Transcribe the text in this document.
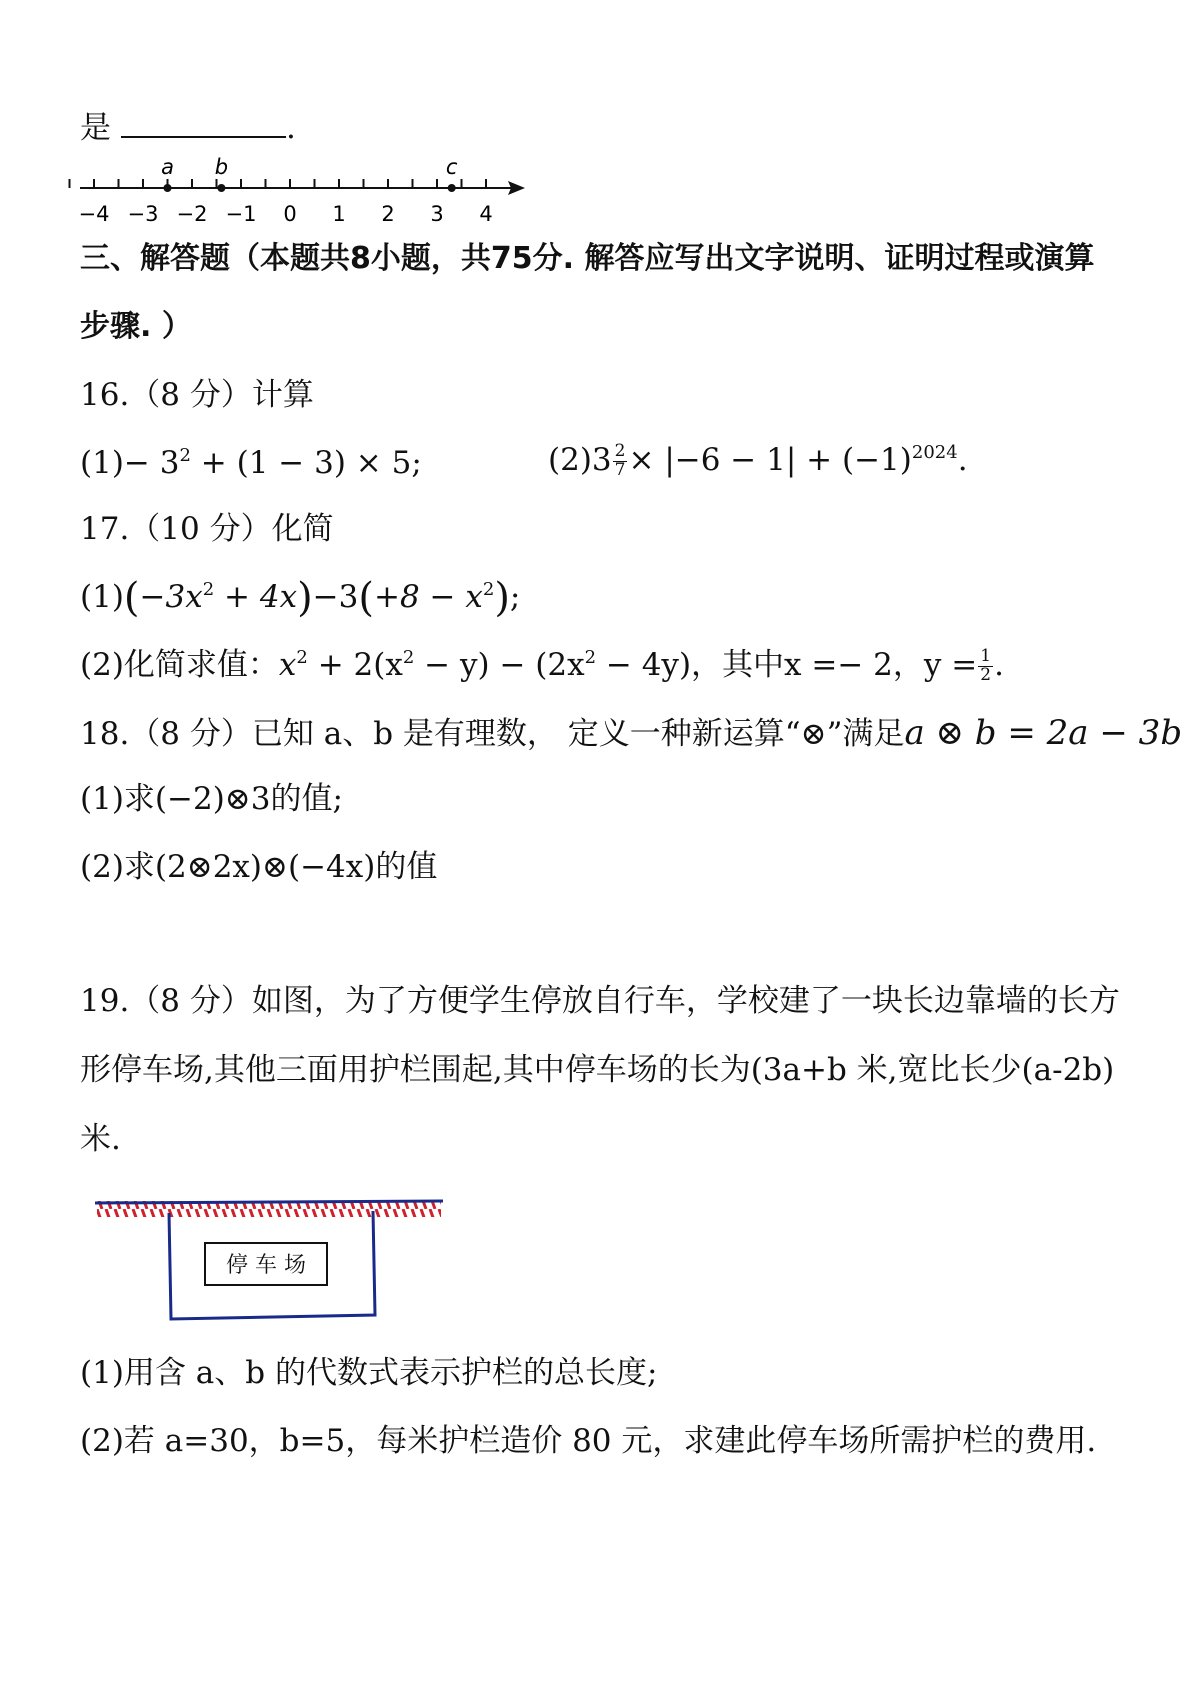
是	.
−4 −3 −2 −1 0 1 2 3 4
a b	c
三、解答题（本题共8小题，共75分. 解答应写出文字说明、证明过程或演算
步骤. ）
16.（8 分）计算
$(1)- 3^2 + (1 - 3) \times 5$;	$(2)3 \frac{2}{7} \times |-6 - 1| + (-1)^{2024}$.
17.（10 分）化简
$(1)(-3x^2 + 4x)-3(+8 - x^2)$;
(2)化简求值：$x^2 + 2(x^2 - y) - (2x^2 - 4y)$，其中x =− 2，$y = \frac{1}{2}$ .
18.（8 分）已知 a、b 是有理数， 定义一种新运算“⊗”满足a ⊗ b = 2a − 3b
(1)求(−2)⊗3的值;
(2)求(2⊗2x)⊗(−4x)的值
19.（8 分）如图，为了方便学生停放自行车，学校建了一块长边靠墙的长方
形停车场,其他三面用护栏围起,其中停车场的长为(3a+b 米,宽比长少(a-2b)
米.
停 车 场
(1)用含 a、b 的代数式表示护栏的总长度;
(2)若 a=30，b=5，每米护栏造价 80 元，求建此停车场所需护栏的费用.
